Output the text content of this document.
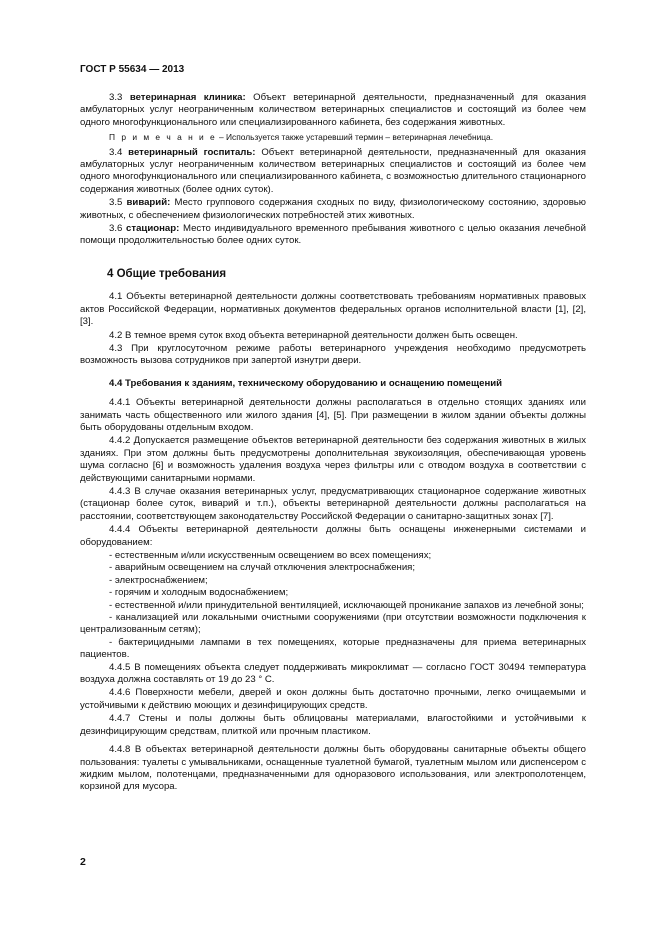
ГОСТ Р 55634 — 2013

3.3 ветеринарная клиника: Объект ветеринарной деятельности, предназначенный для оказания амбулаторных услуг неограниченным количеством ветеринарных специалистов и состоящий из более чем одного многофункционального или специализированного кабинета, без содержания животных.

П р и м е ч а н и е – Используется также устаревший термин – ветеринарная лечебница.

3.4 ветеринарный госпиталь: Объект ветеринарной деятельности, предназначенный для оказания амбулаторных услуг неограниченным количеством ветеринарных специалистов и состоящий из более чем одного многофункционального или специализированного кабинета, с возможностью длительного стационарного содержания животных (более одних суток).

3.5 виварий: Место группового содержания сходных по виду, физиологическому состоянию, здоровью животных, с обеспечением физиологических потребностей этих животных.

3.6 стационар: Место индивидуального временного пребывания животного с целью оказания лечебной помощи продолжительностью более одних суток.

4 Общие требования

4.1 Объекты ветеринарной деятельности должны соответствовать требованиям нормативных правовых актов Российской Федерации, нормативных документов федеральных органов исполнительной власти [1], [2], [3].

4.2 В темное время суток вход объекта ветеринарной деятельности должен быть освещен.

4.3 При круглосуточном режиме работы ветеринарного учреждения необходимо предусмотреть возможность вызова сотрудников при запертой изнутри двери.

4.4 Требования к зданиям, техническому оборудованию и оснащению помещений

4.4.1 Объекты ветеринарной деятельности должны располагаться в отдельно стоящих зданиях или занимать часть общественного или жилого здания [4], [5]. При размещении в жилом здании объекты должны быть оборудованы отдельным входом.

4.4.2 Допускается размещение объектов ветеринарной деятельности без содержания животных в жилых зданиях. При этом должны быть предусмотрены дополнительная звукоизоляция, обеспечивающая уровень шума согласно [6] и возможность удаления воздуха через фильтры или с отводом воздуха в соответствии с действующими санитарными нормами.

4.4.3 В случае оказания ветеринарных услуг, предусматривающих стационарное содержание животных (стационар более суток, виварий и т.п.), объекты ветеринарной деятельности должны располагаться на расстоянии, соответствующем законодательству Российской Федерации о санитарно-защитных зонах [7].

4.4.4 Объекты ветеринарной деятельности должны быть оснащены инженерными системами и оборудованием:

- естественным и/или искусственным освещением во всех помещениях;

- аварийным освещением на случай отключения электроснабжения;

- электроснабжением;

- горячим и холодным водоснабжением;

- естественной и/или принудительной вентиляцией, исключающей проникание запахов из лечебной зоны;

- канализацией или локальными очистными сооружениями (при отсутствии возможности подключения к централизованным сетям);

- бактерицидными лампами в тех помещениях, которые предназначены для приема ветеринарных пациентов.

4.4.5 В помещениях объекта следует поддерживать микроклимат — согласно ГОСТ 30494 температура воздуха должна составлять от 19 до 23 ° С.

4.4.6 Поверхности мебели, дверей и окон должны быть достаточно прочными, легко очищаемыми и устойчивыми к действию моющих и дезинфицирующих средств.

4.4.7 Стены и полы должны быть облицованы материалами, влагостойкими и устойчивыми к дезинфицирующим средствам, плиткой или прочным пластиком.

4.4.8 В объектах ветеринарной деятельности должны быть оборудованы санитарные объекты общего пользования: туалеты с умывальниками, оснащенные туалетной бумагой, туалетным мылом или диспенсером с жидким мылом, полотенцами, предназначенными для одноразового использования, или электрополотенцем, корзиной для мусора.

2
